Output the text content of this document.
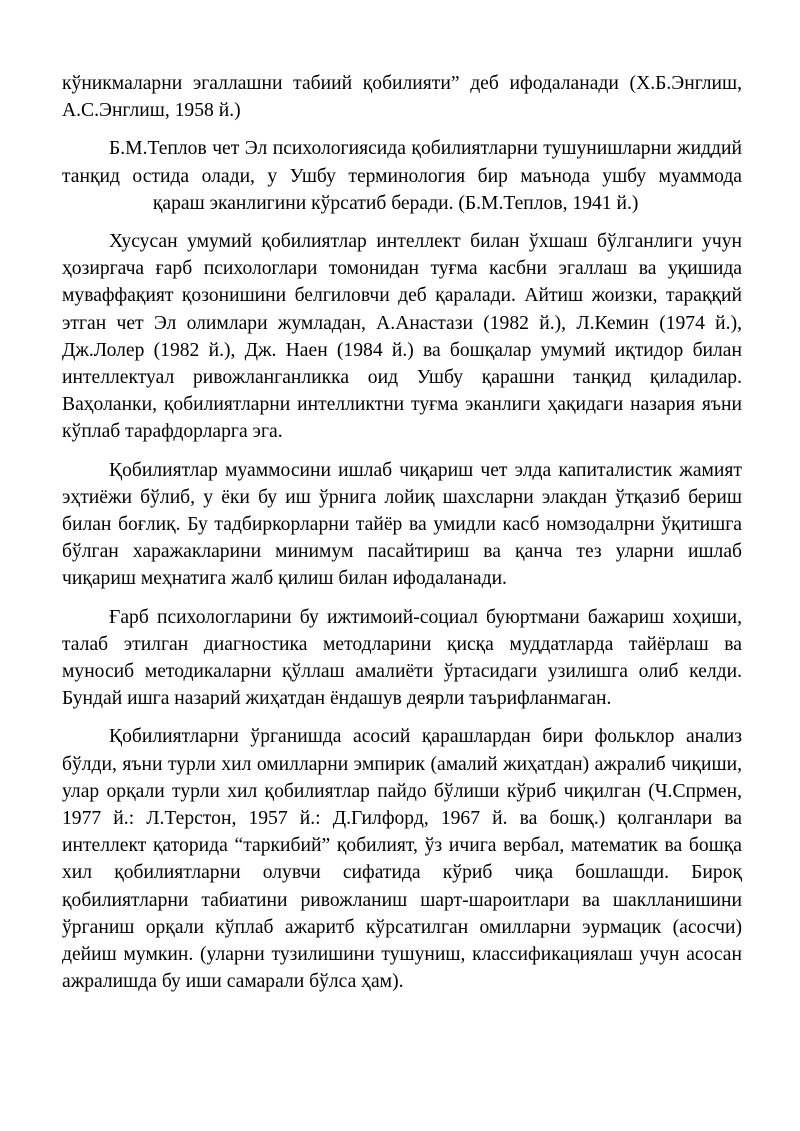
кўникмаларни эгаллашни табиий қобилияти” деб ифодаланади (Х.Б.Энглиш, А.С.Энглиш, 1958 й.)

Б.М.Теплов чет Эл психологиясида қобилиятларни тушунишларни жиддий танқид остида олади, у Ушбу терминология бир маънода ушбу муаммода қараш эканлигини кўрсатиб беради. (Б.М.Теплов, 1941 й.)

Хусусан умумий қобилиятлар интеллект билан ўхшаш бўлганлиги учун ҳозиргача ғарб психологлари томонидан туғма касбни эгаллаш ва уқишида муваффақият қозонишини белгиловчи деб қаралади. Айтиш жоизки, тараққий этган чет Эл олимлари жумладан, А.Анастази (1982 й.), Л.Кемин (1974 й.), Дж.Лолер (1982 й.), Дж. Наен (1984 й.) ва бошқалар умумий иқтидор билан интеллектуал ривожланганликка оид Ушбу қарашни танқид қиладилар. Ваҳоланки, қобилиятларни интелликтни туғма эканлиги ҳақидаги назария яъни кўплаб тарафдорларга эга.

Қобилиятлар муаммосини ишлаб чиқариш чет элда капиталистик жамият эҳтиёжи бўлиб, у ёки бу иш ўрнига лойиқ шахсларни элакдан ўтқазиб бериш билан боғлиқ. Бу тадбиркорларни тайёр ва умидли касб номзодалрни ўқитишга бўлган харажакларини минимум пасайтириш ва қанча тез уларни ишлаб чиқариш меҳнатига жалб қилиш билан ифодаланади.

Ғарб психологларини бу ижтимоий-социал буюртмани бажариш хоҳиши, талаб этилган диагностика методларини қисқа муддатларда тайёрлаш ва муносиб методикаларни қўллаш амалиёти ўртасидаги узилишга олиб келди. Бундай ишга назарий жиҳатдан ёндашув деярли таърифланмаган.

Қобилиятларни ўрганишда асосий қарашлардан бири фольклор анализ бўлди, яъни турли хил омилларни эмпирик (амалий жиҳатдан) ажралиб чиқиши, улар орқали турли хил қобилиятлар пайдо бўлиши кўриб чиқилган (Ч.Спрмен, 1977 й.: Л.Терстон, 1957 й.: Д.Гилфорд, 1967 й. ва бошқ.) қолганлари ва интеллект қаторида “таркибий” қобилият, ўз ичига вербал, математик ва бошқа хил қобилиятларни олувчи сифатида кўриб чиқа бошлашди. Бироқ қобилиятларни табиатини ривожланиш шарт-шароитлари ва шаклланишини ўрганиш орқали кўплаб ажаритб кўрсатилган омилларни эурмацик (асосчи) дейиш мумкин. (уларни тузилишини тушуниш, классификациялаш учун асосан ажралишда бу иши самарали бўлса ҳам).
